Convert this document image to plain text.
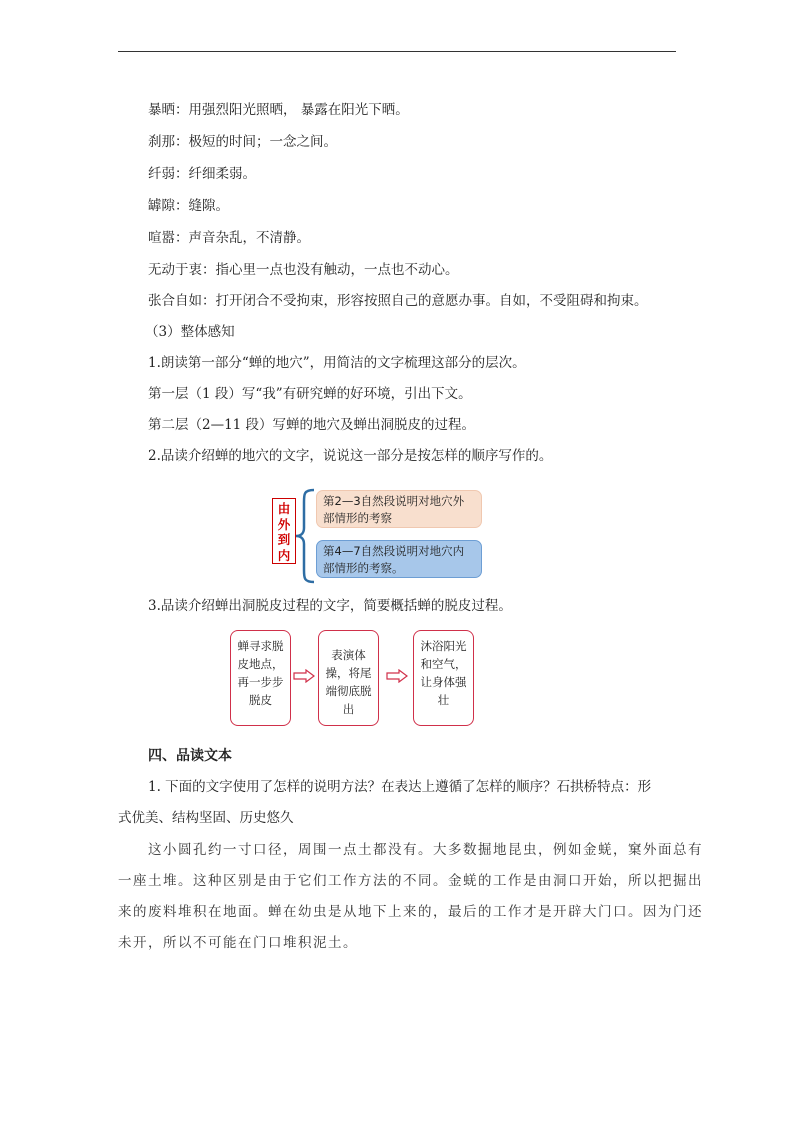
暴晒：用强烈阳光照晒， 暴露在阳光下晒。
刹那：极短的时间；一念之间。
纤弱：纤细柔弱。
罅隙：缝隙。
喧嚣：声音杂乱，不清静。
无动于衷：指心里一点也没有触动，一点也不动心。
张合自如：打开闭合不受拘束，形容按照自己的意愿办事。自如，不受阻碍和拘束。
（3）整体感知
1.朗读第一部分“蝉的地穴”，用简洁的文字梳理这部分的层次。
第一层（1 段）写“我”有研究蝉的好环境，引出下文。
第二层（2—11 段）写蝉的地穴及蝉出洞脱皮的过程。
2.品读介绍蝉的地穴的文字，说说这一部分是按怎样的顺序写作的。
由
外
到
内
第2—3自然段说明对地穴外部情形的考察
第4—7自然段说明对地穴内部情形的考察。
3.品读介绍蝉出洞脱皮过程的文字，简要概括蝉的脱皮过程。
蝉寻求脱皮地点，再一步步脱皮
表演体操，将尾端彻底脱出
沐浴阳光和空气，让身体强壮
四、品读文本
1. 下面的文字使用了怎样的说明方法？在表达上遵循了怎样的顺序？石拱桥特点：形
式优美、结构坚固、历史悠久
这小圆孔约一寸口径，周围一点土都没有。大多数掘地昆虫，例如金蜣，窠外面总有
一座土堆。这种区别是由于它们工作方法的不同。金蜣的工作是由洞口开始，所以把掘出
来的废料堆积在地面。蝉在幼虫是从地下上来的，最后的工作才是开辟大门口。因为门还
未开，所以不可能在门口堆积泥土。
